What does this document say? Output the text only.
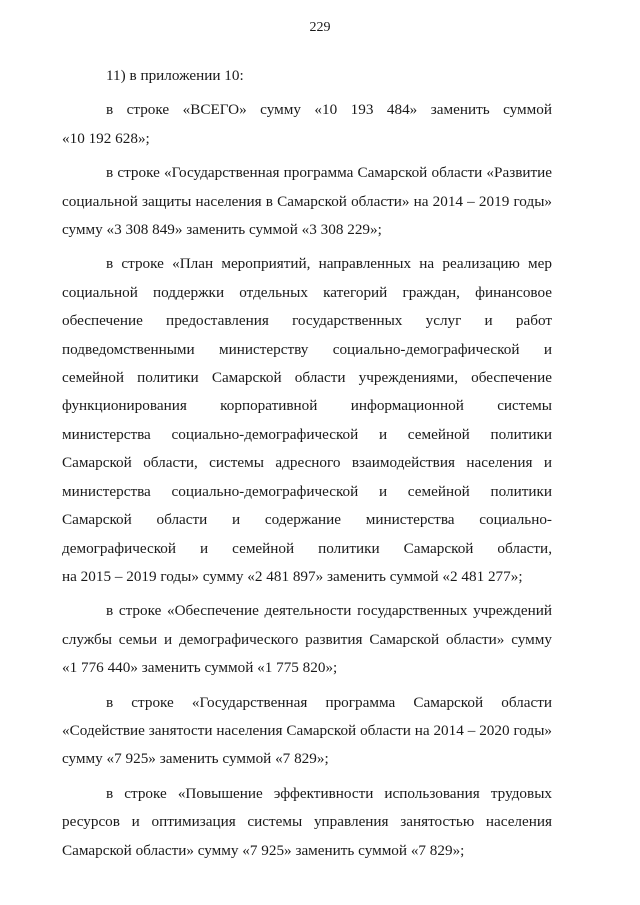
229
11) в приложении 10:
в строке «ВСЕГО» сумму «10 193 484» заменить суммой
«10 192 628»;
в строке «Государственная программа Самарской области «Развитие
социальной защиты населения в Самарской области» на 2014 – 2019 годы»
сумму «3 308 849» заменить суммой «3 308 229»;
в строке «План мероприятий, направленных на реализацию мер
социальной поддержки отдельных категорий граждан, финансовое
обеспечение предоставления государственных услуг и работ
подведомственными министерству социально-демографической и
семейной политики Самарской области учреждениями, обеспечение
функционирования корпоративной информационной системы
министерства социально-демографической и семейной политики
Самарской области, системы адресного взаимодействия населения и
министерства социально-демографической и семейной политики
Самарской области и содержание министерства социально-
демографической и семейной политики Самарской области,
на 2015 – 2019 годы» сумму «2 481 897» заменить суммой «2 481 277»;
в строке «Обеспечение деятельности государственных учреждений
службы семьи и демографического развития Самарской области» сумму
«1 776 440» заменить суммой «1 775 820»;
в строке «Государственная программа Самарской области
«Содействие занятости населения Самарской области на 2014 – 2020 годы»
сумму «7 925» заменить суммой «7 829»;
в строке «Повышение эффективности использования трудовых
ресурсов и оптимизация системы управления занятостью населения
Самарской области» сумму «7 925» заменить суммой «7 829»;
